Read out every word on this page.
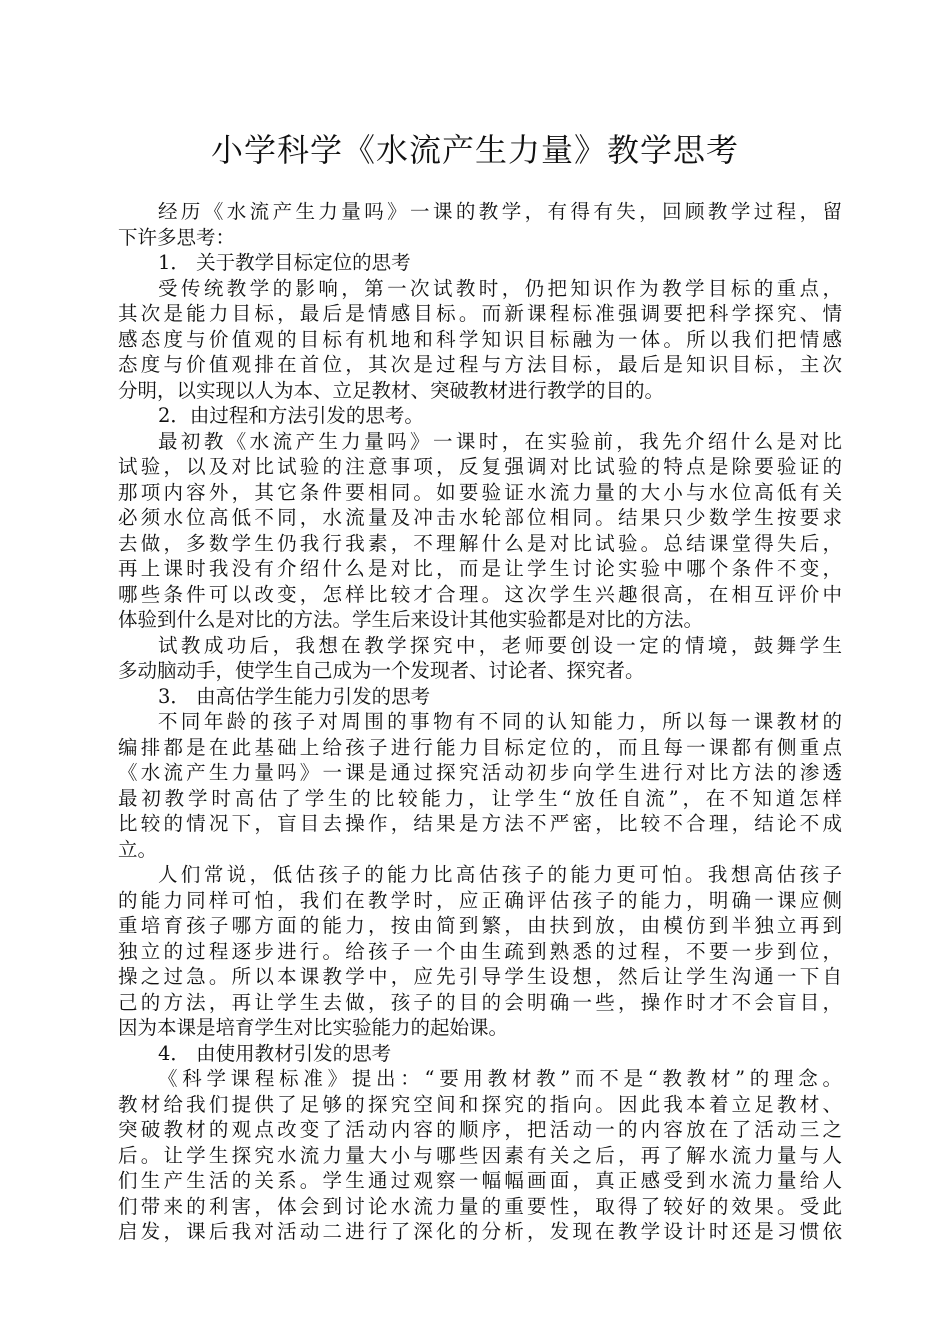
小学科学《水流产生力量》教学思考
经历《水流产生力量吗》一课的教学，有得有失，回顾教学过程，留
下许多思考：
1． 关于教学目标定位的思考
受传统教学的影响，第一次试教时，仍把知识作为教学目标的重点，
其次是能力目标，最后是情感目标。而新课程标准强调要把科学探究、情
感态度与价值观的目标有机地和科学知识目标融为一体。所以我们把情感
态度与价值观排在首位，其次是过程与方法目标，最后是知识目标，主次
分明，以实现以人为本、立足教材、突破教材进行教学的目的。
2．由过程和方法引发的思考。
最初教《水流产生力量吗》一课时，在实验前，我先介绍什么是对比
试验，以及对比试验的注意事项，反复强调对比试验的特点是除要验证的
那项内容外，其它条件要相同。如要验证水流力量的大小与水位高低有关
必须水位高低不同，水流量及冲击水轮部位相同。结果只少数学生按要求
去做，多数学生仍我行我素，不理解什么是对比试验。总结课堂得失后，
再上课时我没有介绍什么是对比，而是让学生讨论实验中哪个条件不变，
哪些条件可以改变，怎样比较才合理。这次学生兴趣很高，在相互评价中
体验到什么是对比的方法。学生后来设计其他实验都是对比的方法。
试教成功后，我想在教学探究中，老师要创设一定的情境，鼓舞学生
多动脑动手，使学生自己成为一个发现者、讨论者、探究者。
3． 由高估学生能力引发的思考
不同年龄的孩子对周围的事物有不同的认知能力，所以每一课教材的
编排都是在此基础上给孩子进行能力目标定位的，而且每一课都有侧重点
《水流产生力量吗》一课是通过探究活动初步向学生进行对比方法的渗透
最初教学时高估了学生的比较能力，让学生“放任自流”，在不知道怎样
比较的情况下，盲目去操作，结果是方法不严密，比较不合理，结论不成
立。
人们常说，低估孩子的能力比高估孩子的能力更可怕。我想高估孩子
的能力同样可怕，我们在教学时，应正确评估孩子的能力，明确一课应侧
重培育孩子哪方面的能力，按由简到繁，由扶到放，由模仿到半独立再到
独立的过程逐步进行。给孩子一个由生疏到熟悉的过程，不要一步到位，
操之过急。所以本课教学中，应先引导学生设想，然后让学生沟通一下自
己的方法，再让学生去做，孩子的目的会明确一些，操作时才不会盲目，
因为本课是培育学生对比实验能力的起始课。
4． 由使用教材引发的思考
《科学课程标准》提出：“要用教材教”而不是“教教材”的理念。
教材给我们提供了足够的探究空间和探究的指向。因此我本着立足教材、
突破教材的观点改变了活动内容的顺序，把活动一的内容放在了活动三之
后。让学生探究水流力量大小与哪些因素有关之后，再了解水流力量与人
们生产生活的关系。学生通过观察一幅幅画面，真正感受到水流力量给人
们带来的利害，体会到讨论水流力量的重要性，取得了较好的效果。受此
启发，课后我对活动二进行了深化的分析，发现在教学设计时还是习惯依
